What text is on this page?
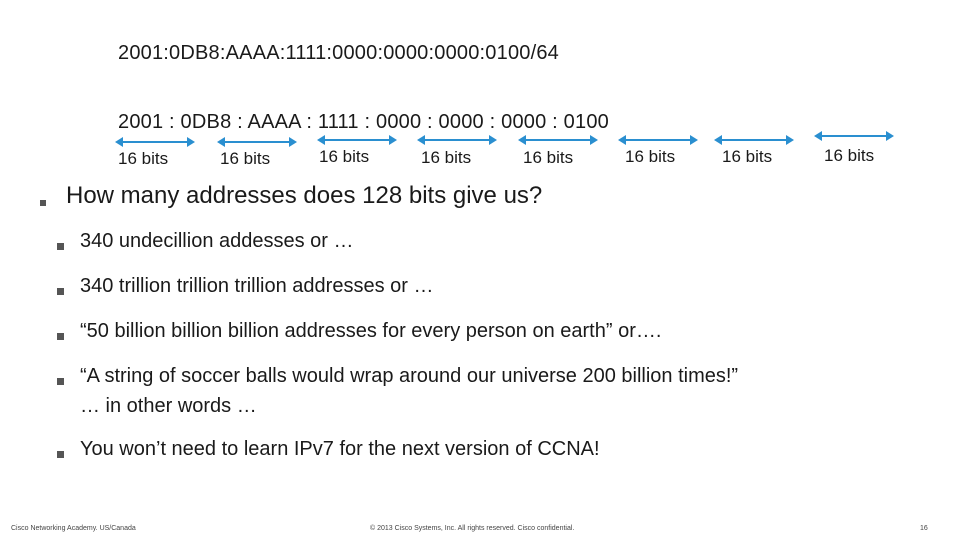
2001:0DB8:AAAA:1111:0000:0000:0000:0100/64
2001 : 0DB8 : AAAA : 1111 : 0000 : 0000 : 0000 : 0100
16 bits	16 bits	16 bits	16 bits	16 bits	16 bits	16 bits	16 bits
How many addresses does 128 bits give us?
340 undecillion addesses or …
340 trillion trillion trillion addresses or …
“50 billion billion billion addresses for every person on earth” or….
“A string of soccer balls would wrap around our universe 200 billion times!”
… in other words …
You won’t need to learn IPv7 for the next version of CCNA!
Cisco Networking Academy. US/Canada	© 2013 Cisco Systems, Inc. All rights reserved. Cisco confidential.	16
